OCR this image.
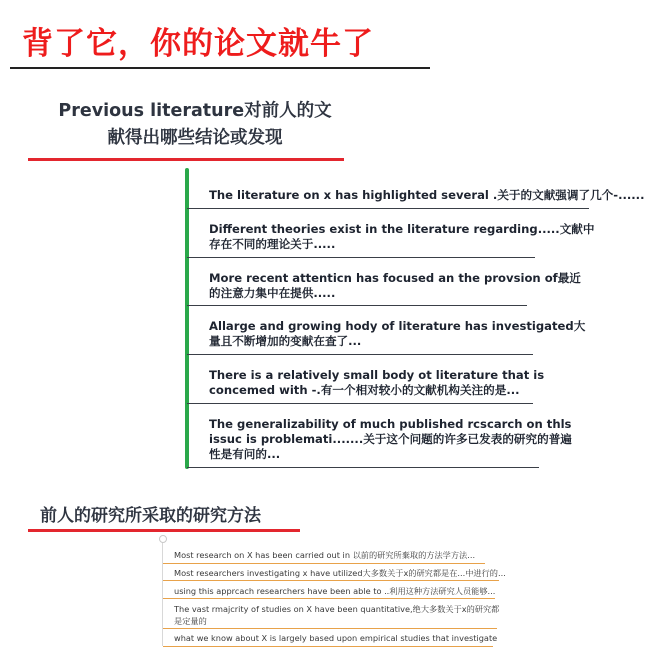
背了它，你的论文就牛了
Previous literature对前人的文
献得出哪些结论或发现
The literature on x has highlighted several .关于的文献强调了几个-......
Different theories exist in the literature regarding.....文献中
存在不同的理论关于.....
More recent attenticn has focused an the provsion of最近
的注意力集中在提供.....
Allarge and growing hody of literature has investigated大
量且不断增加的变献在查了...
There is a relatively small body ot literature that is
concemed with -.有一个相对较小的文献机构关注的是...
The generalizability of much published rcscarch on thls
issuc is problemati.......关于这个问题的许多已发表的研究的普遍
性是有问的...
前人的研究所采取的研究方法
Most research on X has been carried out in 以前的研究所棄取的方法学方法...
Most researchers investigating x have utilized大多数关于x的研究都是在...中进行的...
using this apprcach researchers have been able to ..利用这种方法研究人员能够...
The vast rmajcrity of studies on X have been quantitative,绝大多数关于x的研究都
是定量的
what we know about X is largely based upon empirical studies that investigate
